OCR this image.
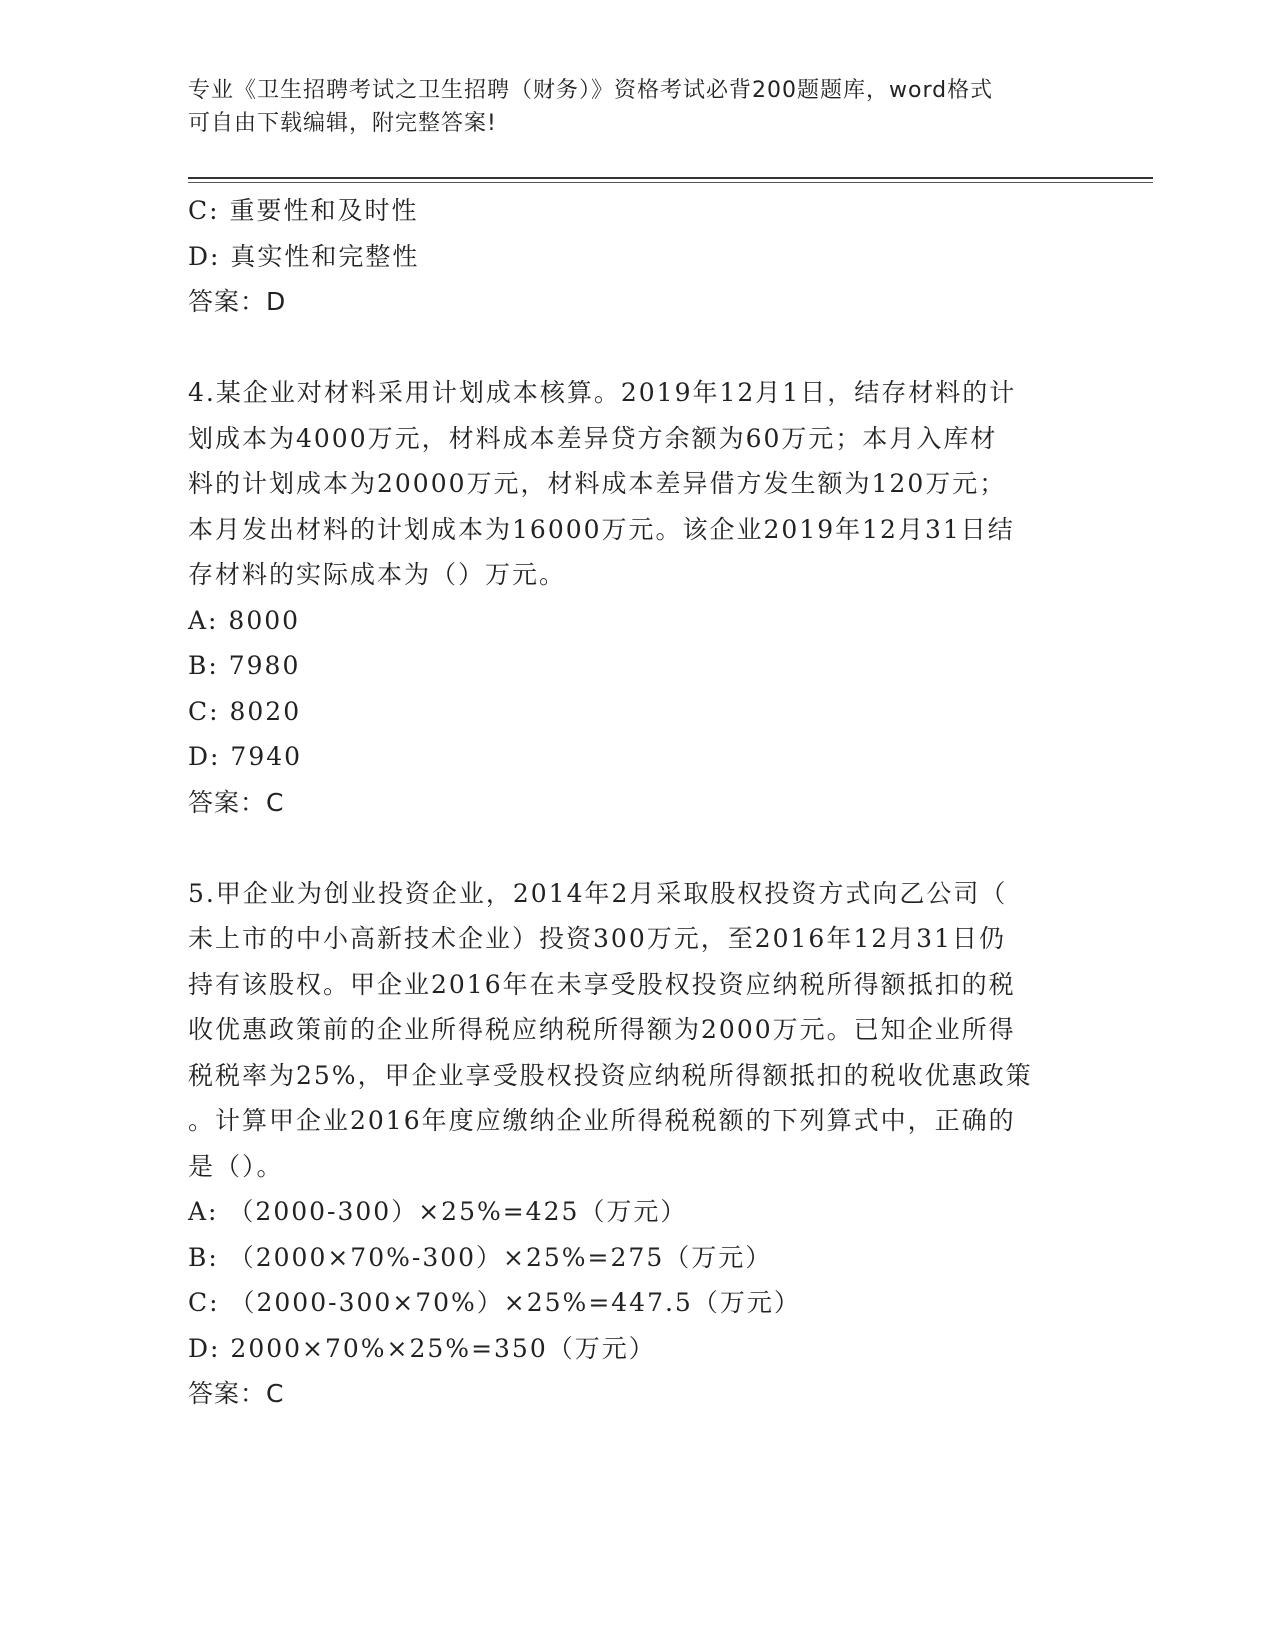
专业《卫生招聘考试之卫生招聘（财务）》资格考试必背200题题库，word格式
可自由下载编辑，附完整答案!
C: 重要性和及时性
D: 真实性和完整性
答案：D
4.某企业对材料采用计划成本核算。2019年12月1日，结存材料的计
划成本为4000万元，材料成本差异贷方余额为60万元；本月入库材
料的计划成本为20000万元，材料成本差异借方发生额为120万元；
本月发出材料的计划成本为16000万元。该企业2019年12月31日结
存材料的实际成本为（）万元。
A: 8000
B: 7980
C: 8020
D: 7940
答案：C
5.甲企业为创业投资企业，2014年2月采取股权投资方式向乙公司（
未上市的中小高新技术企业）投资300万元，至2016年12月31日仍
持有该股权。甲企业2016年在未享受股权投资应纳税所得额抵扣的税
收优惠政策前的企业所得税应纳税所得额为2000万元。已知企业所得
税税率为25%，甲企业享受股权投资应纳税所得额抵扣的税收优惠政策
。计算甲企业2016年度应缴纳企业所得税税额的下列算式中，正确的
是（）。
A: （2000-300）×25%=425（万元）
B: （2000×70%-300）×25%=275（万元）
C: （2000-300×70%）×25%=447.5（万元）
D: 2000×70%×25%=350（万元）
答案：C
